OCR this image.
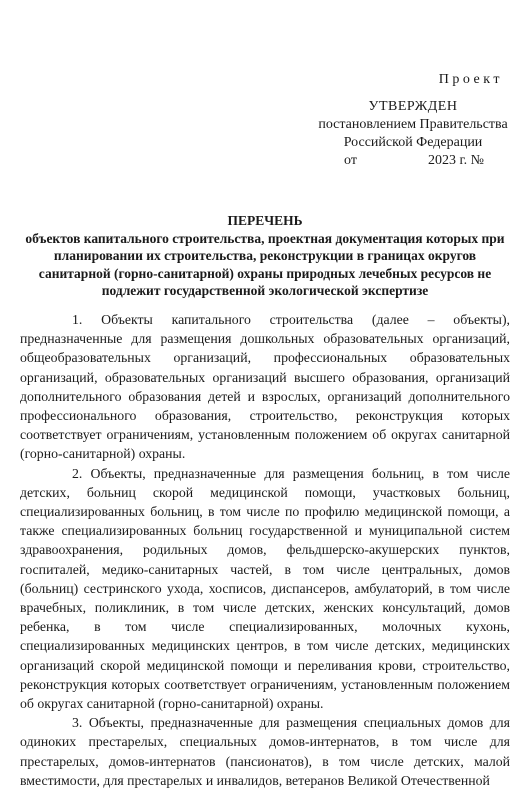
Проект
УТВЕРЖДЕН
постановлением Правительства
Российской Федерации
от	2023 г. №
ПЕРЕЧЕНЬ
объектов капитального строительства, проектная документация которых при планировании их строительства, реконструкции в границах округов санитарной (горно-санитарной) охраны природных лечебных ресурсов не подлежит государственной экологической экспертизе

1. Объекты капитального строительства (далее – объекты), предназначенные для размещения дошкольных образовательных организаций, общеобразовательных организаций, профессиональных образовательных организаций, образовательных организаций высшего образования, организаций дополнительного образования детей и взрослых, организаций дополнительного профессионального образования, строительство, реконструкция которых соответствует ограничениям, установленным положением об округах санитарной (горно-санитарной) охраны.

2. Объекты, предназначенные для размещения больниц, в том числе детских, больниц скорой медицинской помощи, участковых больниц, специализированных больниц, в том числе по профилю медицинской помощи, а также специализированных больниц государственной и муниципальной систем здравоохранения, родильных домов, фельдшерско-акушерских пунктов, госпиталей, медико-санитарных частей, в том числе центральных, домов (больниц) сестринского ухода, хосписов, диспансеров, амбулаторий, в том числе врачебных, поликлиник, в том числе детских, женских консультаций, домов ребенка, в том числе специализированных, молочных кухонь, специализированных медицинских центров, в том числе детских, медицинских организаций скорой медицинской помощи и переливания крови, строительство, реконструкция которых соответствует ограничениям, установленным положением об округах санитарной (горно-санитарной) охраны.

3. Объекты, предназначенные для размещения специальных домов для одиноких престарелых, специальных домов-интернатов, в том числе для престарелых, домов-интернатов (пансионатов), в том числе детских, малой вместимости, для престарелых и инвалидов, ветеранов Великой Отечественной
